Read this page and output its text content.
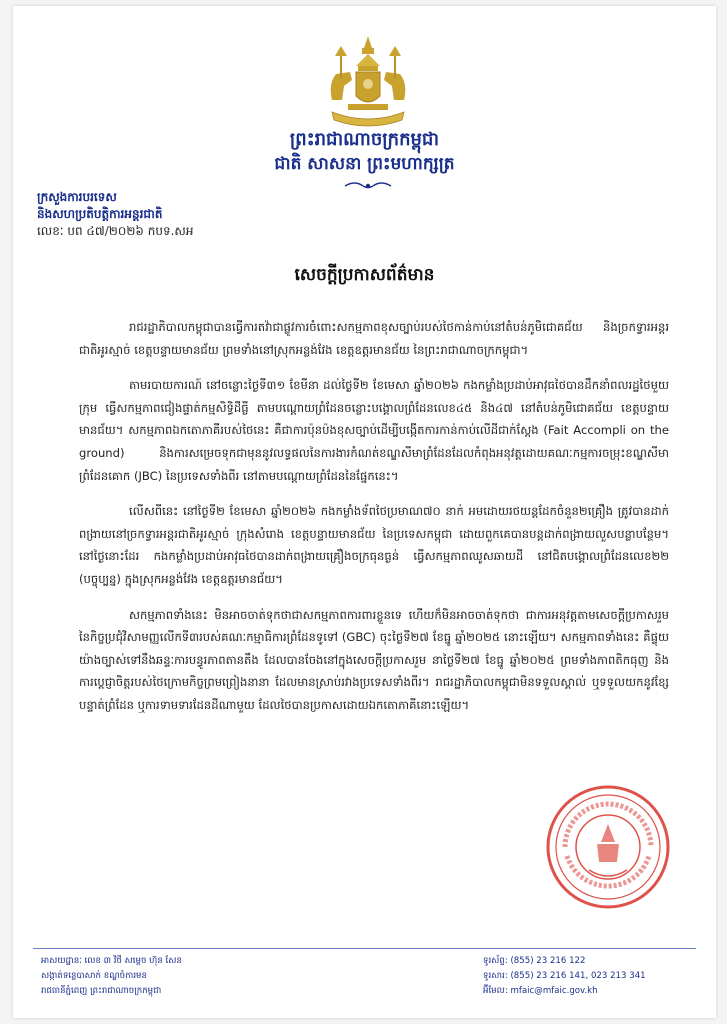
ព្រះរាជាណាចក្រកម្ពុជា
ជាតិ សាសនា ព្រះមហាក្សត្រ
ក្រសួងការបរទេស
និងសហប្រតិបត្តិការអន្តរជាតិ
លេខៈ បព ៤៧/២០២៦ កបទ.សអ
សេចក្តីប្រកាសព័ត៌មាន

រាជរដ្ឋាភិបាលកម្ពុជាបានធ្វើការតវ៉ាជាផ្លូវការចំពោះសកម្មភាពខុសច្បាប់របស់ថៃកាន់កាប់នៅតំបន់ភូមិជោគជ័យ និងច្រកទ្វារអន្តរជាតិអូរស្មាច់ ខេត្តបន្ទាយមានជ័យ ព្រមទាំងនៅស្រុកអន្លង់វែង ខេត្តឧត្តរមានជ័យ នៃព្រះរាជាណាចក្រកម្ពុជា។

តាមរបាយការណ៍ នៅចន្លោះថ្ងៃទី៣១ ខែមីនា ដល់ថ្ងៃទី២ ខែមេសា ឆ្នាំ២០២៦ កងកម្លាំងប្រដាប់អាវុធថៃបានដឹកនាំពលរដ្ឋថៃមួយក្រុម ធ្វើសកម្មភាពជៀងផ្ទាត់កម្មសិទ្ធិដីធ្លី តាមបណ្តោយព្រំដែនចន្លោះបង្គោលព្រំដែនលេខ៤៥ និង៤៧ នៅតំបន់ភូមិជោគជ័យ ខេត្តបន្ទាយមានជ័យ។ សកម្មភាពឯកតោភាគីរបស់ថៃនេះ គឺជាការប៉ុនប៉ងខុសច្បាប់ដើម្បីបង្កើតការកាន់កាប់លើដីជាក់ស្តែង (Fait Accompli on the ground) និងការសម្រេចទុកជាមុននូវលទ្ធផលនៃការងារកំណត់ខណ្ឌសីមាព្រំដែនដែលកំពុងអនុវត្តដោយគណៈកម្មការចម្រុះខណ្ឌសីមាព្រំដែនគោក (JBC) នៃប្រទេសទាំងពីរ នៅតាមបណ្តោយព្រំដែននៃផ្នែកនេះ។

លើសពីនេះ នៅថ្ងៃទី២ ខែមេសា ឆ្នាំ២០២៦ កងកម្លាំងទ័ពថៃប្រមាណ៧០ នាក់ អមដោយរថយន្តដែកចំនួន២គ្រឿង ត្រូវបានដាក់ពង្រាយនៅច្រកទ្វារអន្តរជាតិអូរស្មាច់ ក្រុងសំរោង ខេត្តបន្ទាយមានជ័យ នៃប្រទេសកម្ពុជា ដោយពួកគេបានបន្តដាក់ពង្រាយលួសបន្លាបន្ថែម។ នៅថ្ងៃនោះដែរ កងកម្លាំងប្រដាប់អាវុធថៃបានដាក់ពង្រាយគ្រឿងចក្រធុនធ្ងន់ ធ្វើសកម្មភាពឈូសឆាយដី នៅជិតបង្គោលព្រំដែនលេខ២២ (បច្ចុប្បន្ន) ក្នុងស្រុកអន្លង់វែង ខេត្តឧត្តរមានជ័យ។

សកម្មភាពទាំងនេះ មិនអាចចាត់ទុកថាជាសកម្មភាពការពារខ្លួនទេ ហើយក៏មិនអាចចាត់ទុកថា ជាការអនុវត្តតាមសេចក្តីប្រកាសរួមនៃកិច្ចប្រជុំវិសាមញ្ញលើកទី៣របស់គណៈកម្មាធិការព្រំដែនទូទៅ (GBC) ចុះថ្ងៃទី២៧ ខែធ្នូ ឆ្នាំ២០២៥ នោះឡើយ។ សកម្មភាពទាំងនេះ គឺផ្ទុយយ៉ាងច្បាស់ទៅនឹងឆន្ទៈការបន្ធូរភាពតានតឹង ដែលបានចែងនៅក្នុងសេចក្តីប្រកាសរួម នាថ្ងៃទី២៧ ខែធ្នូ ឆ្នាំ២០២៥ ព្រមទាំងភាពតិកធុញ និងការប្តេជ្ញាចិត្តរបស់ថៃក្រោមកិច្ចព្រមព្រៀងនានា ដែលមានស្រាប់រវាងប្រទេសទាំងពីរ។ រាជរដ្ឋាភិបាលកម្ពុជាមិនទទួលស្គាល់ ឬទទួលយកនូវខ្សែបន្ទាត់ព្រំដែន ឬការទាមទារដែនដីណាមួយ ដែលថៃបានប្រកាសដោយឯកតោភាគីនោះឡើយ។

អាសយដ្ឋានៈ លេខ ៣ វិថី សម្តេច ហ៊ុន សែន
សង្កាត់ទន្លេបាសាក់ ខណ្ឌចំការមន
រាជធានីភ្នំពេញ ព្រះរាជាណាចក្រកម្ពុជា
ទូរស័ព្ទ: (855) 23 216 122
ទូរសារ: (855) 23 216 141, 023 213 341
អ៊ីមែល: mfaic@mfaic.gov.kh
